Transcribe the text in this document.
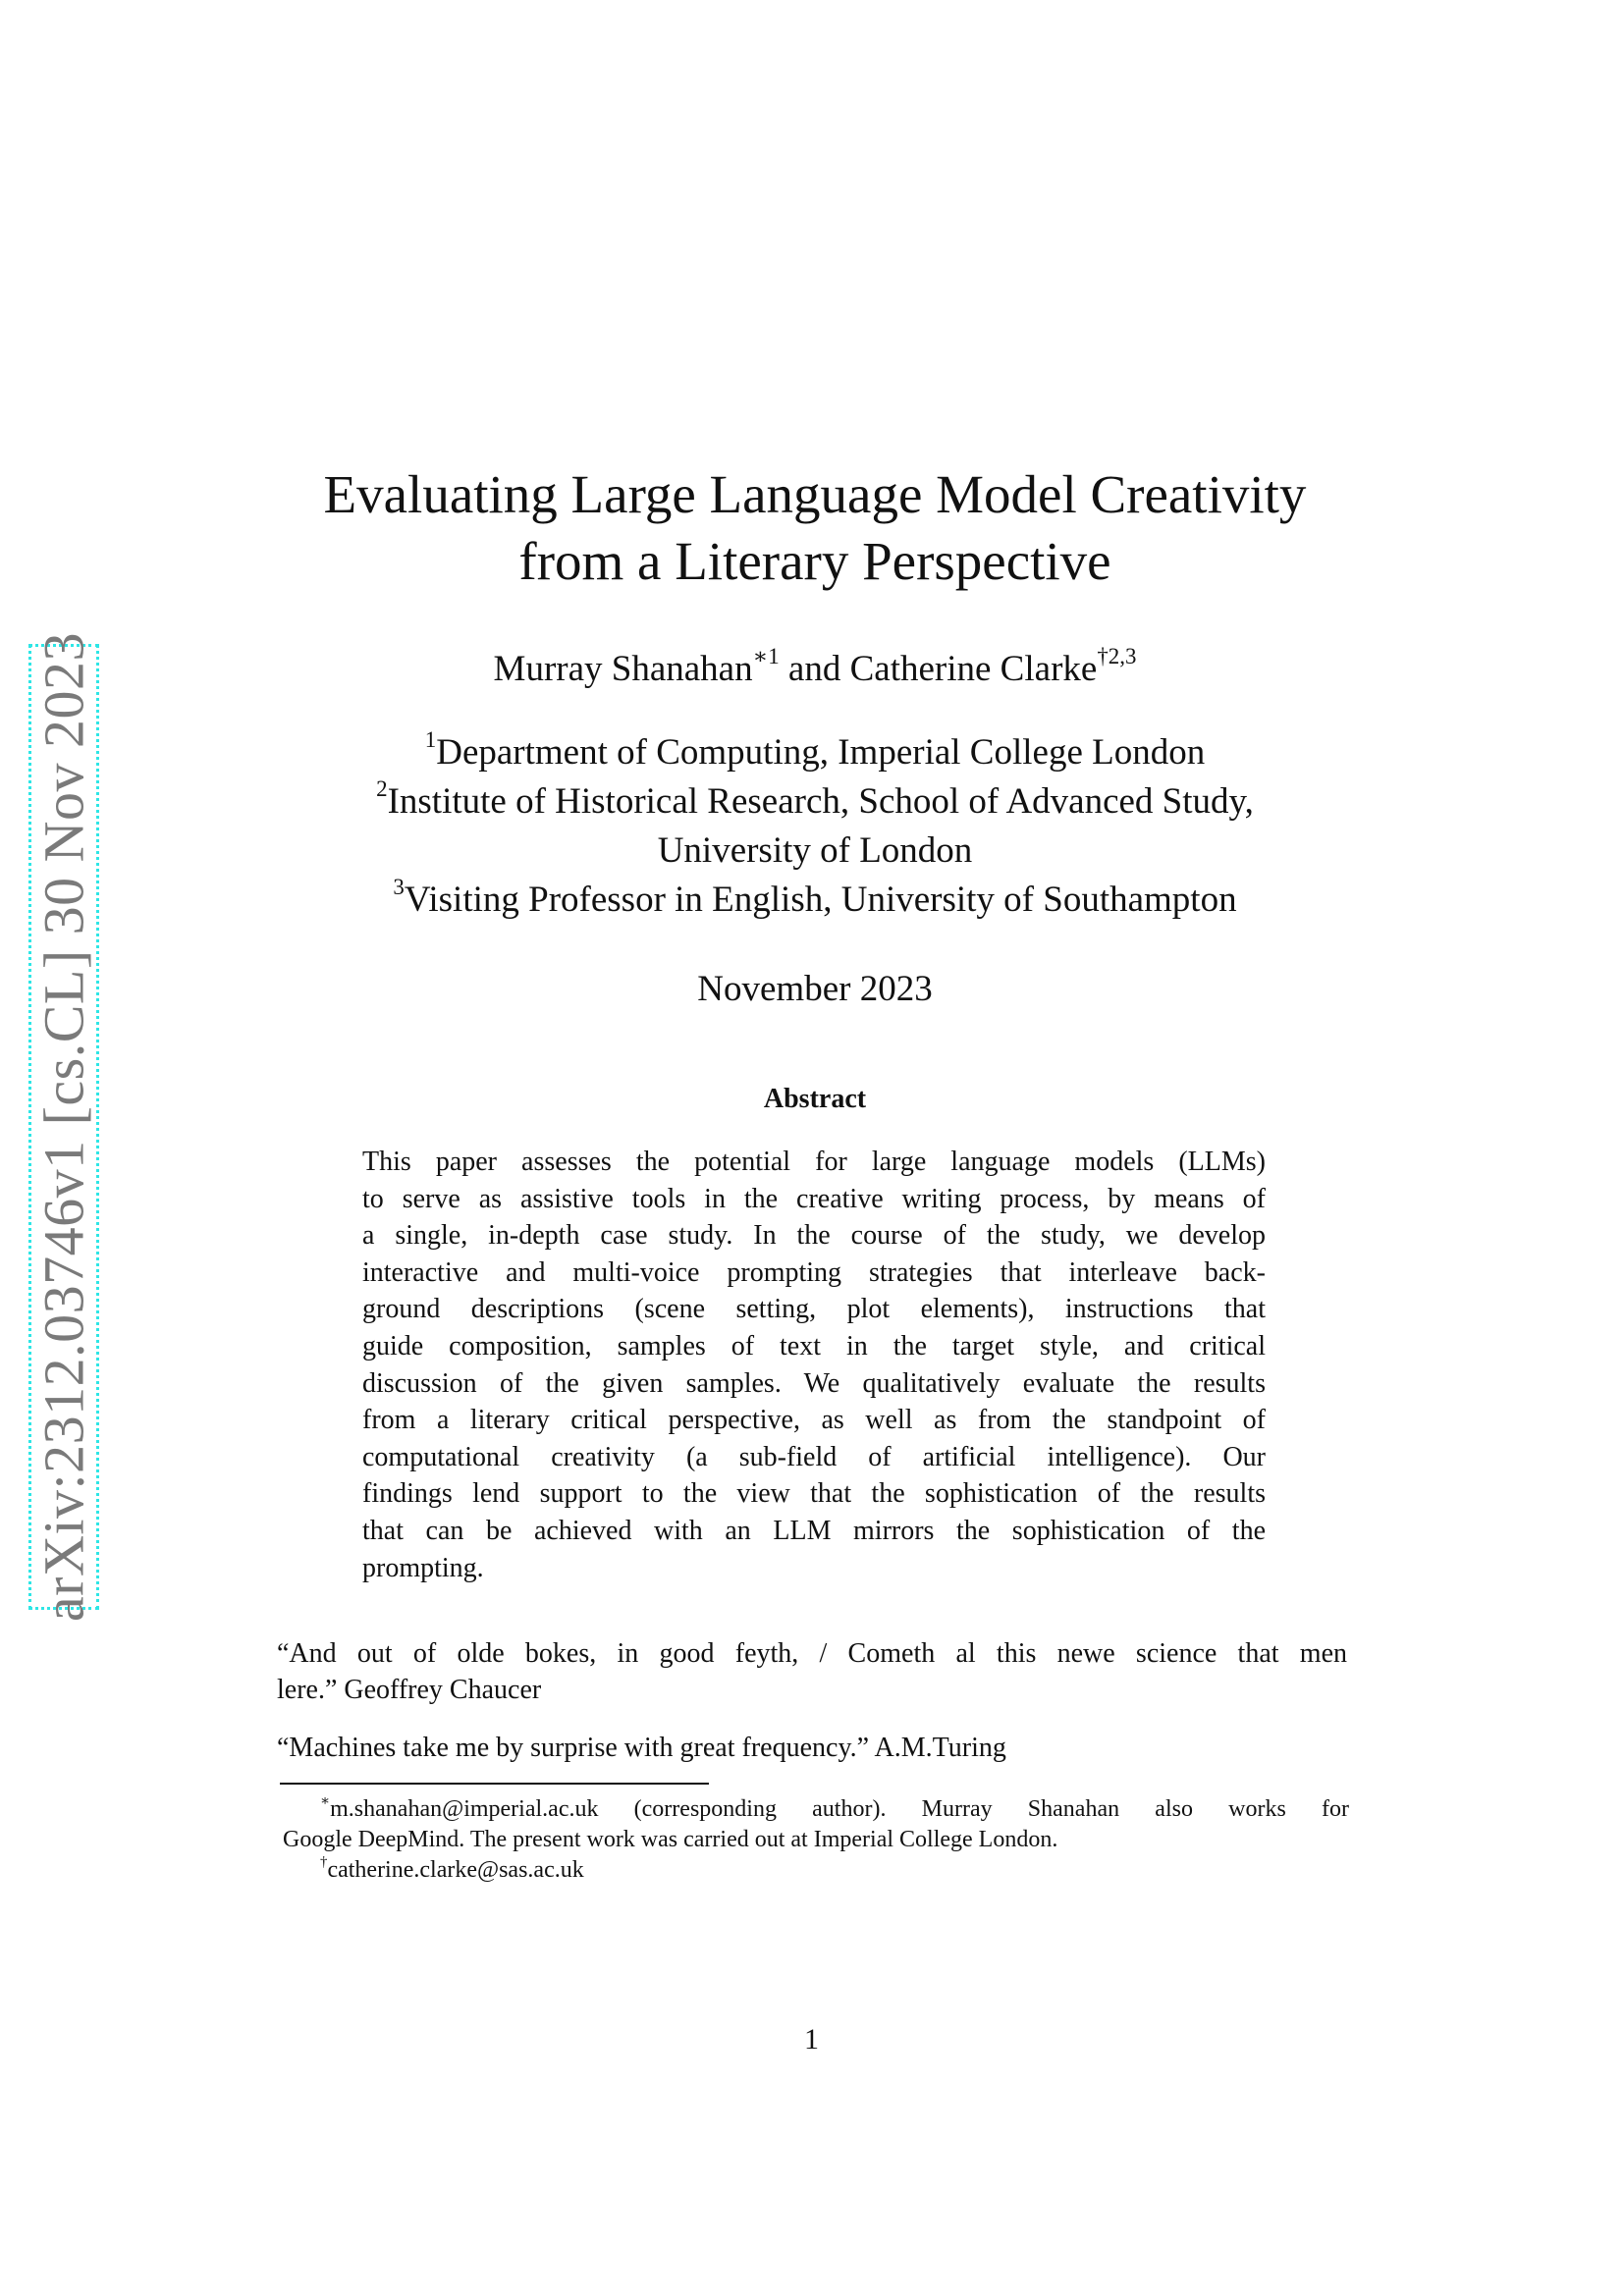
arXiv:2312.03746v1 [cs.CL] 30 Nov 2023
Evaluating Large Language Model Creativity
from a Literary Perspective
Murray Shanahan$^{∗1}$ and Catherine Clarke$^{\dagger 2,3}$
$^1$Department of Computing, Imperial College London
$^2$Institute of Historical Research, School of Advanced Study,
University of London
$^3$Visiting Professor in English, University of Southampton
November 2023
Abstract
This paper assesses the potential for large language models (LLMs)
to serve as assistive tools in the creative writing process, by means of
a single, in-depth case study. In the course of the study, we develop
interactive and multi-voice prompting strategies that interleave back-
ground descriptions (scene setting, plot elements), instructions that
guide composition, samples of text in the target style, and critical
discussion of the given samples. We qualitatively evaluate the results
from a literary critical perspective, as well as from the standpoint of
computational creativity (a sub-field of artificial intelligence). Our
findings lend support to the view that the sophistication of the results
that can be achieved with an LLM mirrors the sophistication of the
prompting.
“And out of olde bokes, in good feyth, / Cometh al this newe science that men
lere.” Geoffrey Chaucer
“Machines take me by surprise with great frequency.” A.M.Turing
∗m.shanahan@imperial.ac.uk (corresponding author). Murray Shanahan also works for
Google DeepMind. The present work was carried out at Imperial College London.
†catherine.clarke@sas.ac.uk
1
